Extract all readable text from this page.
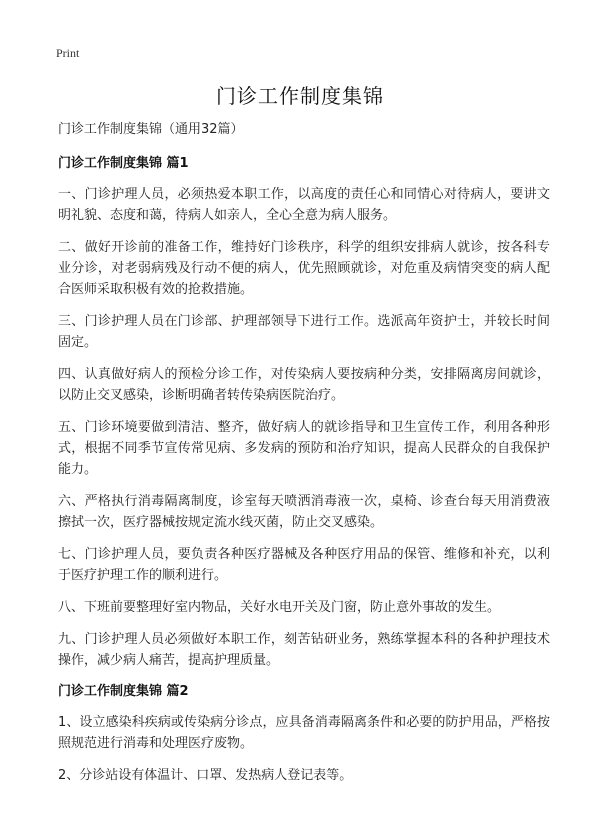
Print

门诊工作制度集锦

门诊工作制度集锦（通用32篇）

门诊工作制度集锦 篇1

一、门诊护理人员，必须热爱本职工作，以高度的责任心和同情心对待病人，要讲文明礼貌、态度和蔼，待病人如亲人，全心全意为病人服务。

二、做好开诊前的准备工作，维持好门诊秩序，科学的组织安排病人就诊，按各科专业分诊，对老弱病残及行动不便的病人，优先照顾就诊，对危重及病情突变的病人配合医师采取积极有效的抢救措施。

三、门诊护理人员在门诊部、护理部领导下进行工作。选派高年资护士，并较长时间固定。

四、认真做好病人的预检分诊工作，对传染病人要按病种分类，安排隔离房间就诊，以防止交叉感染，诊断明确者转传染病医院治疗。

五、门诊环境要做到清洁、整齐，做好病人的就诊指导和卫生宣传工作，利用各种形式，根据不同季节宣传常见病、多发病的预防和治疗知识，提高人民群众的自我保护能力。

六、严格执行消毒隔离制度，诊室每天喷洒消毒液一次，桌椅、诊查台每天用消费液擦拭一次，医疗器械按规定流水线灭菌，防止交叉感染。

七、门诊护理人员，要负责各种医疗器械及各种医疗用品的保管、维修和补充，以利于医疗护理工作的顺利进行。

八、下班前要整理好室内物品，关好水电开关及门窗，防止意外事故的发生。

九、门诊护理人员必须做好本职工作，刻苦钻研业务，熟练掌握本科的各种护理技术操作，减少病人痛苦，提高护理质量。

门诊工作制度集锦 篇2

1、设立感染科疾病或传染病分诊点，应具备消毒隔离条件和必要的防护用品，严格按照规范进行消毒和处理医疗废物。

2、分诊站设有体温计、口罩、发热病人登记表等。
